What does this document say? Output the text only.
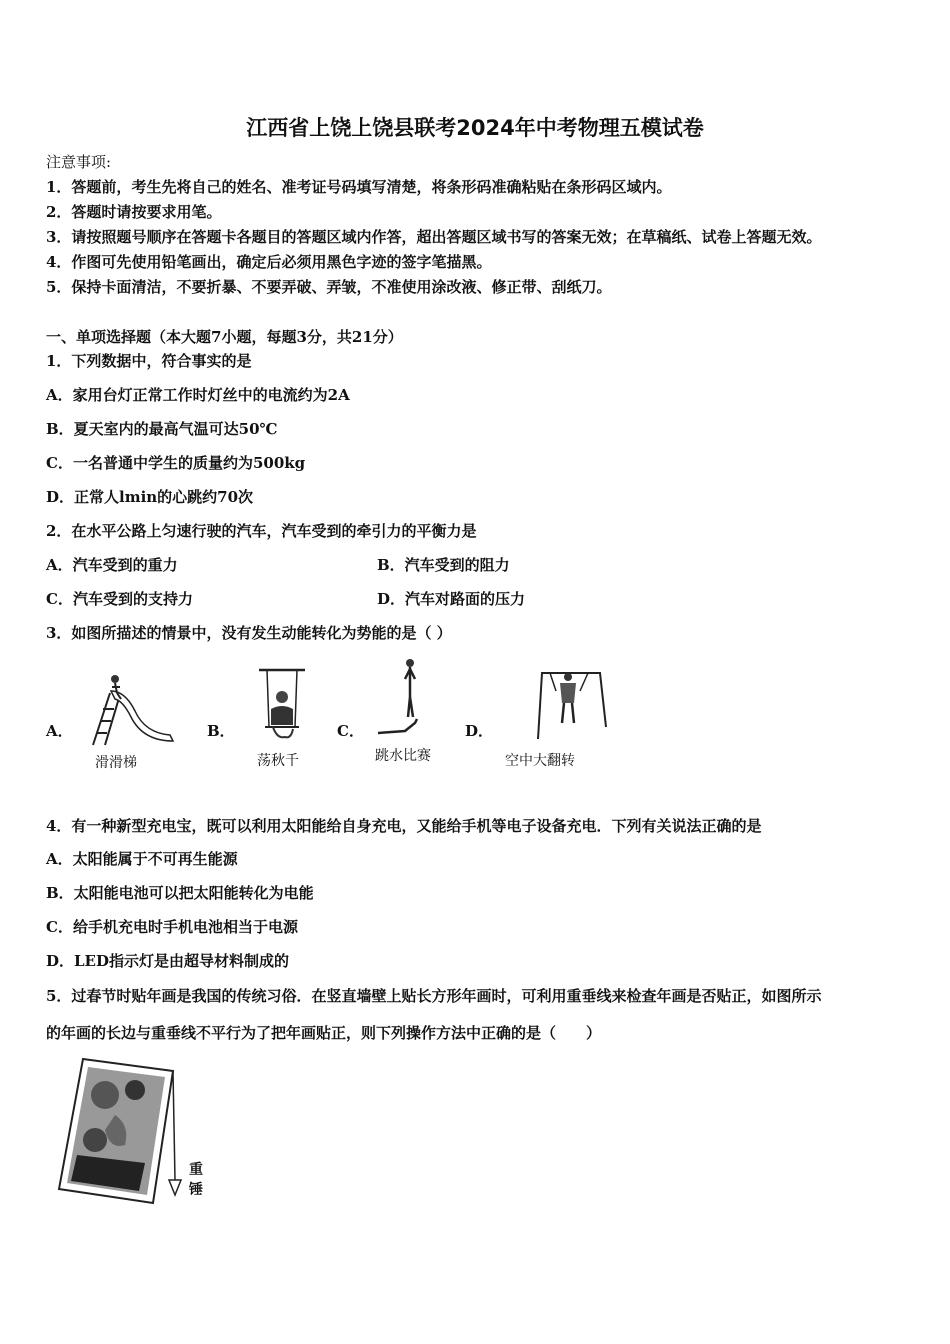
江西省上饶上饶县联考2024年中考物理五模试卷
注意事项:
1．答题前，考生先将自己的姓名、准考证号码填写清楚，将条形码准确粘贴在条形码区域内。
2．答题时请按要求用笔。
3．请按照题号顺序在答题卡各题目的答题区域内作答，超出答题区域书写的答案无效；在草稿纸、试卷上答题无效。
4．作图可先使用铅笔画出，确定后必须用黑色字迹的签字笔描黑。
5．保持卡面清洁，不要折暴、不要弄破、弄皱，不准使用涂改液、修正带、刮纸刀。
一、单项选择题（本大题7小题，每题3分，共21分）
1．下列数据中，符合事实的是
A．家用台灯正常工作时灯丝中的电流约为2A
B．夏天室内的最高气温可达50℃
C．一名普通中学生的质量约为500kg
D．正常人lmin的心跳约70次
2．在水平公路上匀速行驶的汽车，汽车受到的牵引力的平衡力是
A．汽车受到的重力	B．汽车受到的阻力
C．汽车受到的支持力	D．汽车对路面的压力
3．如图所描述的情景中，没有发生动能转化为势能的是（ ）
A．
滑滑梯
B．
荡秋千
C．
跳水比赛
D．
空中大翻转
4．有一种新型充电宝，既可以利用太阳能给自身充电，又能给手机等电子设备充电．下列有关说法正确的是
A．太阳能属于不可再生能源
B．太阳能电池可以把太阳能转化为电能
C．给手机充电时手机电池相当于电源
D．LED指示灯是由超导材料制成的
5．过春节时贴年画是我国的传统习俗．在竖直墙壁上贴长方形年画时，可利用重垂线来检查年画是否贴正，如图所示
的年画的长边与重垂线不平行为了把年画贴正，则下列操作方法中正确的是（　　）
重锤
